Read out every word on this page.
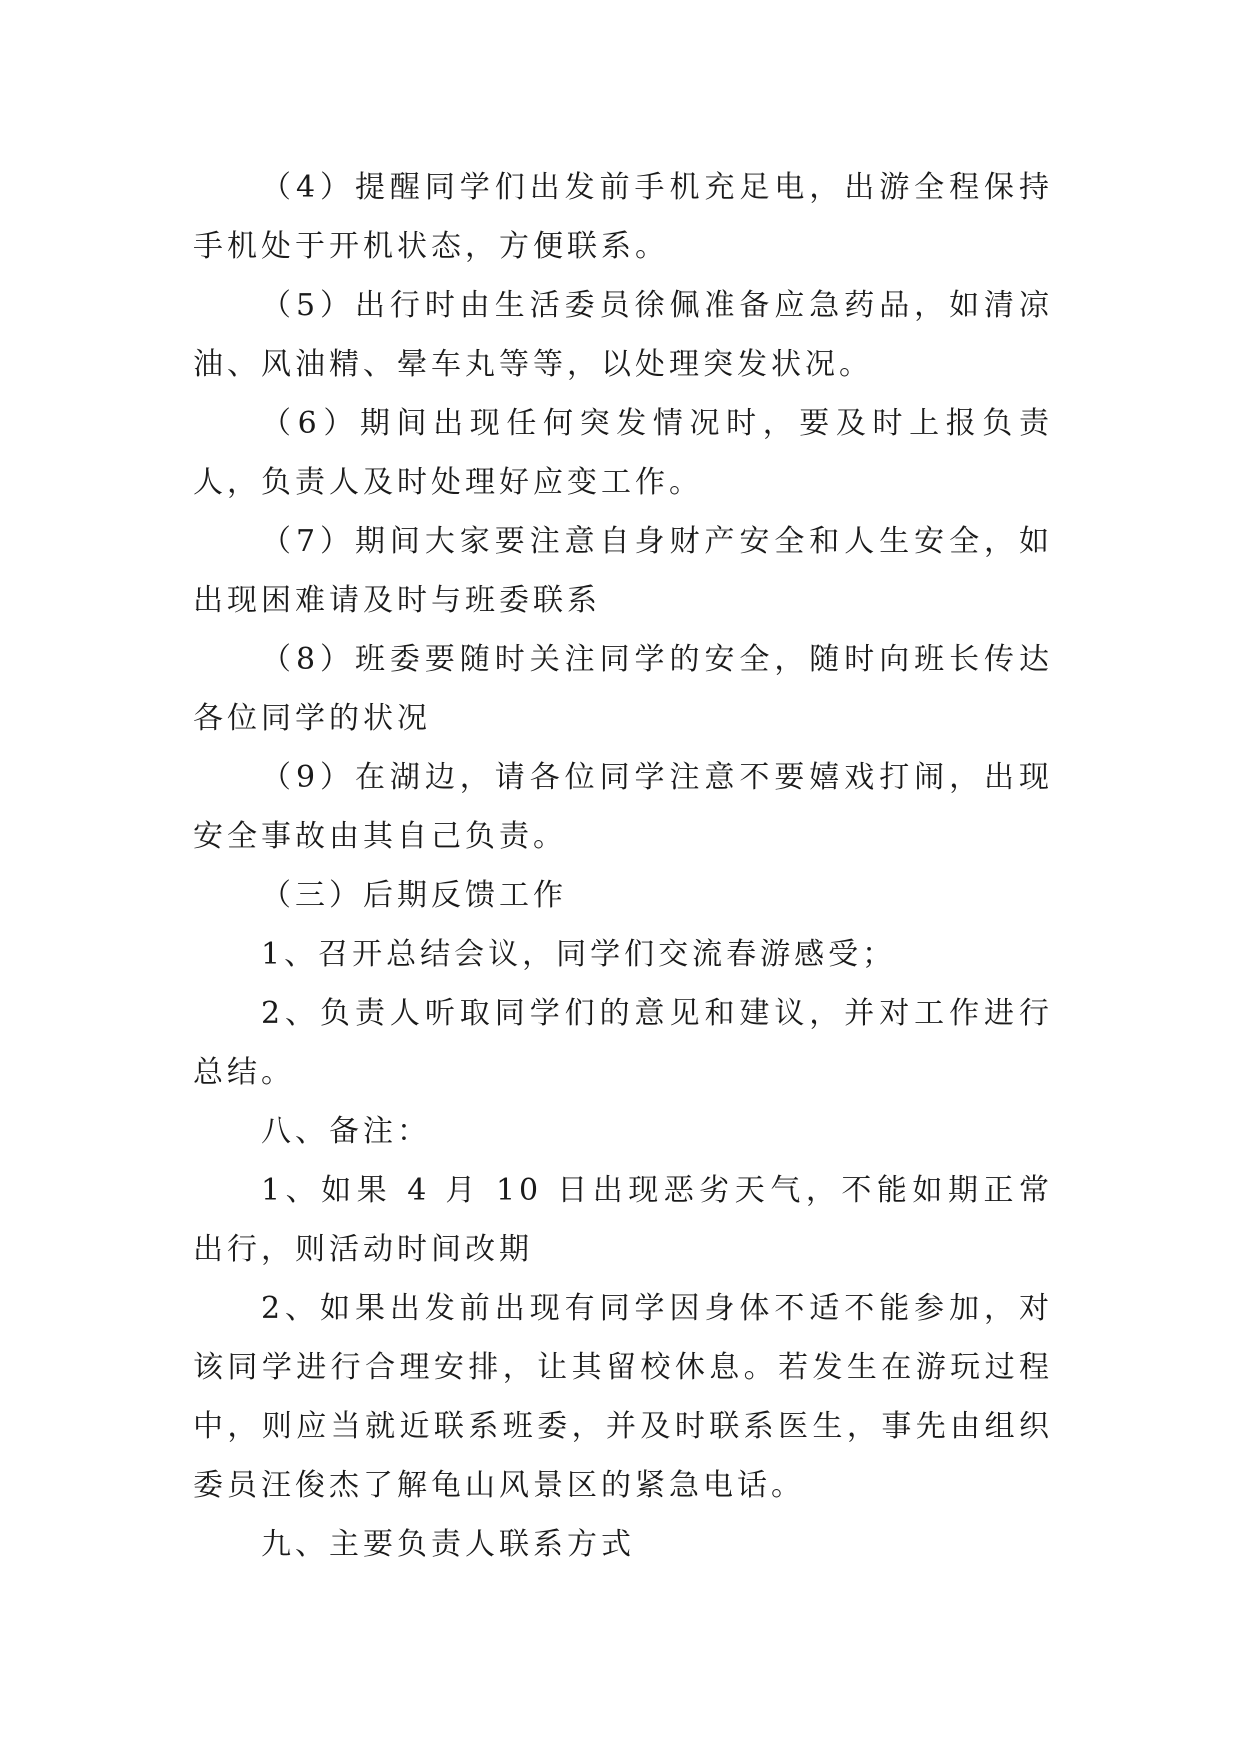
（4）提醒同学们出发前手机充足电，出游全程保持手机处于开机状态，方便联系。

（5）出行时由生活委员徐佩准备应急药品，如清凉油、风油精、晕车丸等等，以处理突发状况。

（6）期间出现任何突发情况时，要及时上报负责人，负责人及时处理好应变工作。

（7）期间大家要注意自身财产安全和人生安全，如出现困难请及时与班委联系

（8）班委要随时关注同学的安全，随时向班长传达各位同学的状况

（9）在湖边，请各位同学注意不要嬉戏打闹，出现安全事故由其自己负责。

（三）后期反馈工作

1、召开总结会议，同学们交流春游感受；

2、负责人听取同学们的意见和建议，并对工作进行总结。

八、备注：

1、如果 4 月 10 日出现恶劣天气，不能如期正常出行，则活动时间改期

2、如果出发前出现有同学因身体不适不能参加，对该同学进行合理安排，让其留校休息。若发生在游玩过程中，则应当就近联系班委，并及时联系医生，事先由组织委员汪俊杰了解龟山风景区的紧急电话。

九、主要负责人联系方式
